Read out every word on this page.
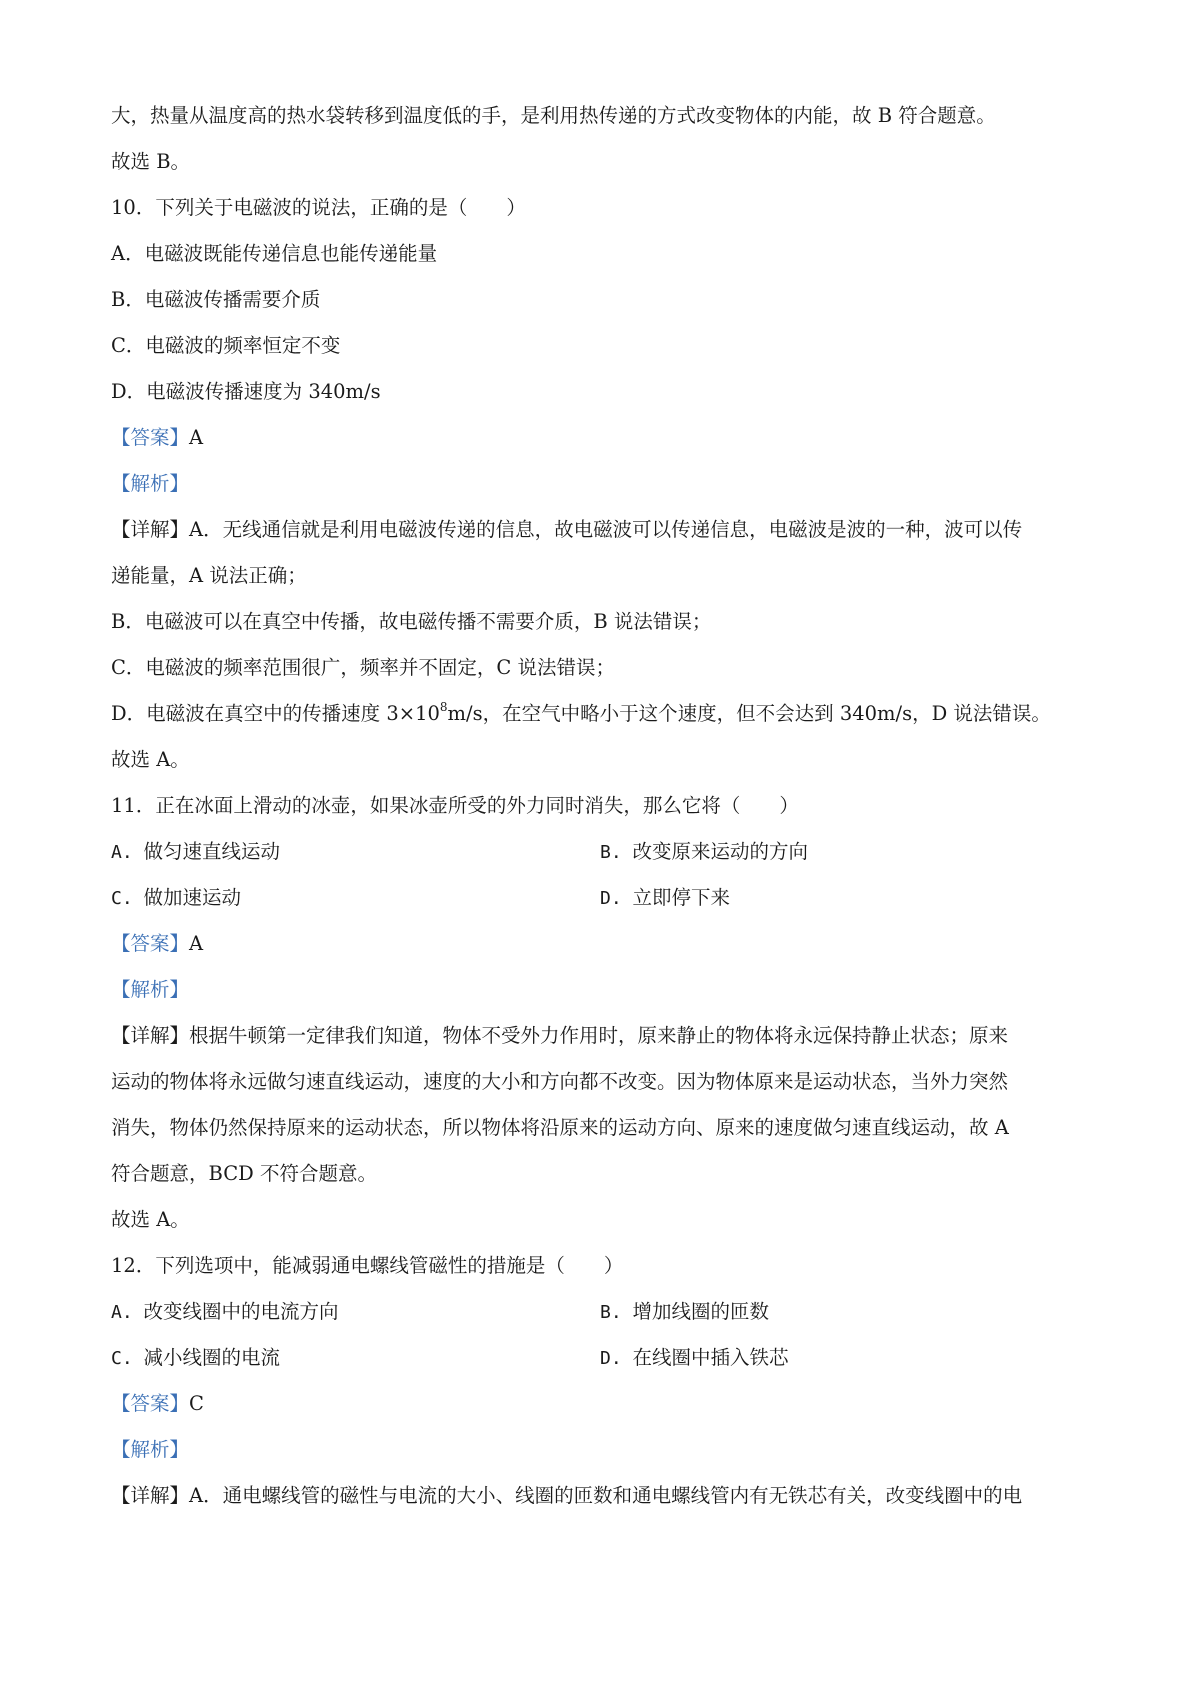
大，热量从温度高的热水袋转移到温度低的手，是利用热传递的方式改变物体的内能，故 B 符合题意。
故选 B。
10．下列关于电磁波的说法，正确的是（　　）
A．电磁波既能传递信息也能传递能量
B．电磁波传播需要介质
C．电磁波的频率恒定不变
D．电磁波传播速度为 340m/s
【答案】A
【解析】
【详解】A．无线通信就是利用电磁波传递的信息，故电磁波可以传递信息，电磁波是波的一种，波可以传
递能量，A 说法正确；
B．电磁波可以在真空中传播，故电磁传播不需要介质，B 说法错误；
C．电磁波的频率范围很广，频率并不固定，C 说法错误；
D．电磁波在真空中的传播速度 $3\times 10^8m/s$，在空气中略小于这个速度，但不会达到 340m/s，D 说法错误。
故选 A。
11．正在冰面上滑动的冰壶，如果冰壶所受的外力同时消失，那么它将（　　）
A. 做匀速直线运动	B. 改变原来运动的方向
C. 做加速运动	D. 立即停下来
【答案】A
【解析】
【详解】根据牛顿第一定律我们知道，物体不受外力作用时，原来静止的物体将永远保持静止状态；原来
运动的物体将永远做匀速直线运动，速度的大小和方向都不改变。因为物体原来是运动状态，当外力突然
消失，物体仍然保持原来的运动状态，所以物体将沿原来的运动方向、原来的速度做匀速直线运动，故 A
符合题意，BCD 不符合题意。
故选 A。
12．下列选项中，能减弱通电螺线管磁性的措施是（　　）
A. 改变线圈中的电流方向	B. 增加线圈的匝数
C. 减小线圈的电流	D. 在线圈中插入铁芯
【答案】C
【解析】
【详解】A．通电螺线管的磁性与电流的大小、线圈的匝数和通电螺线管内有无铁芯有关，改变线圈中的电
